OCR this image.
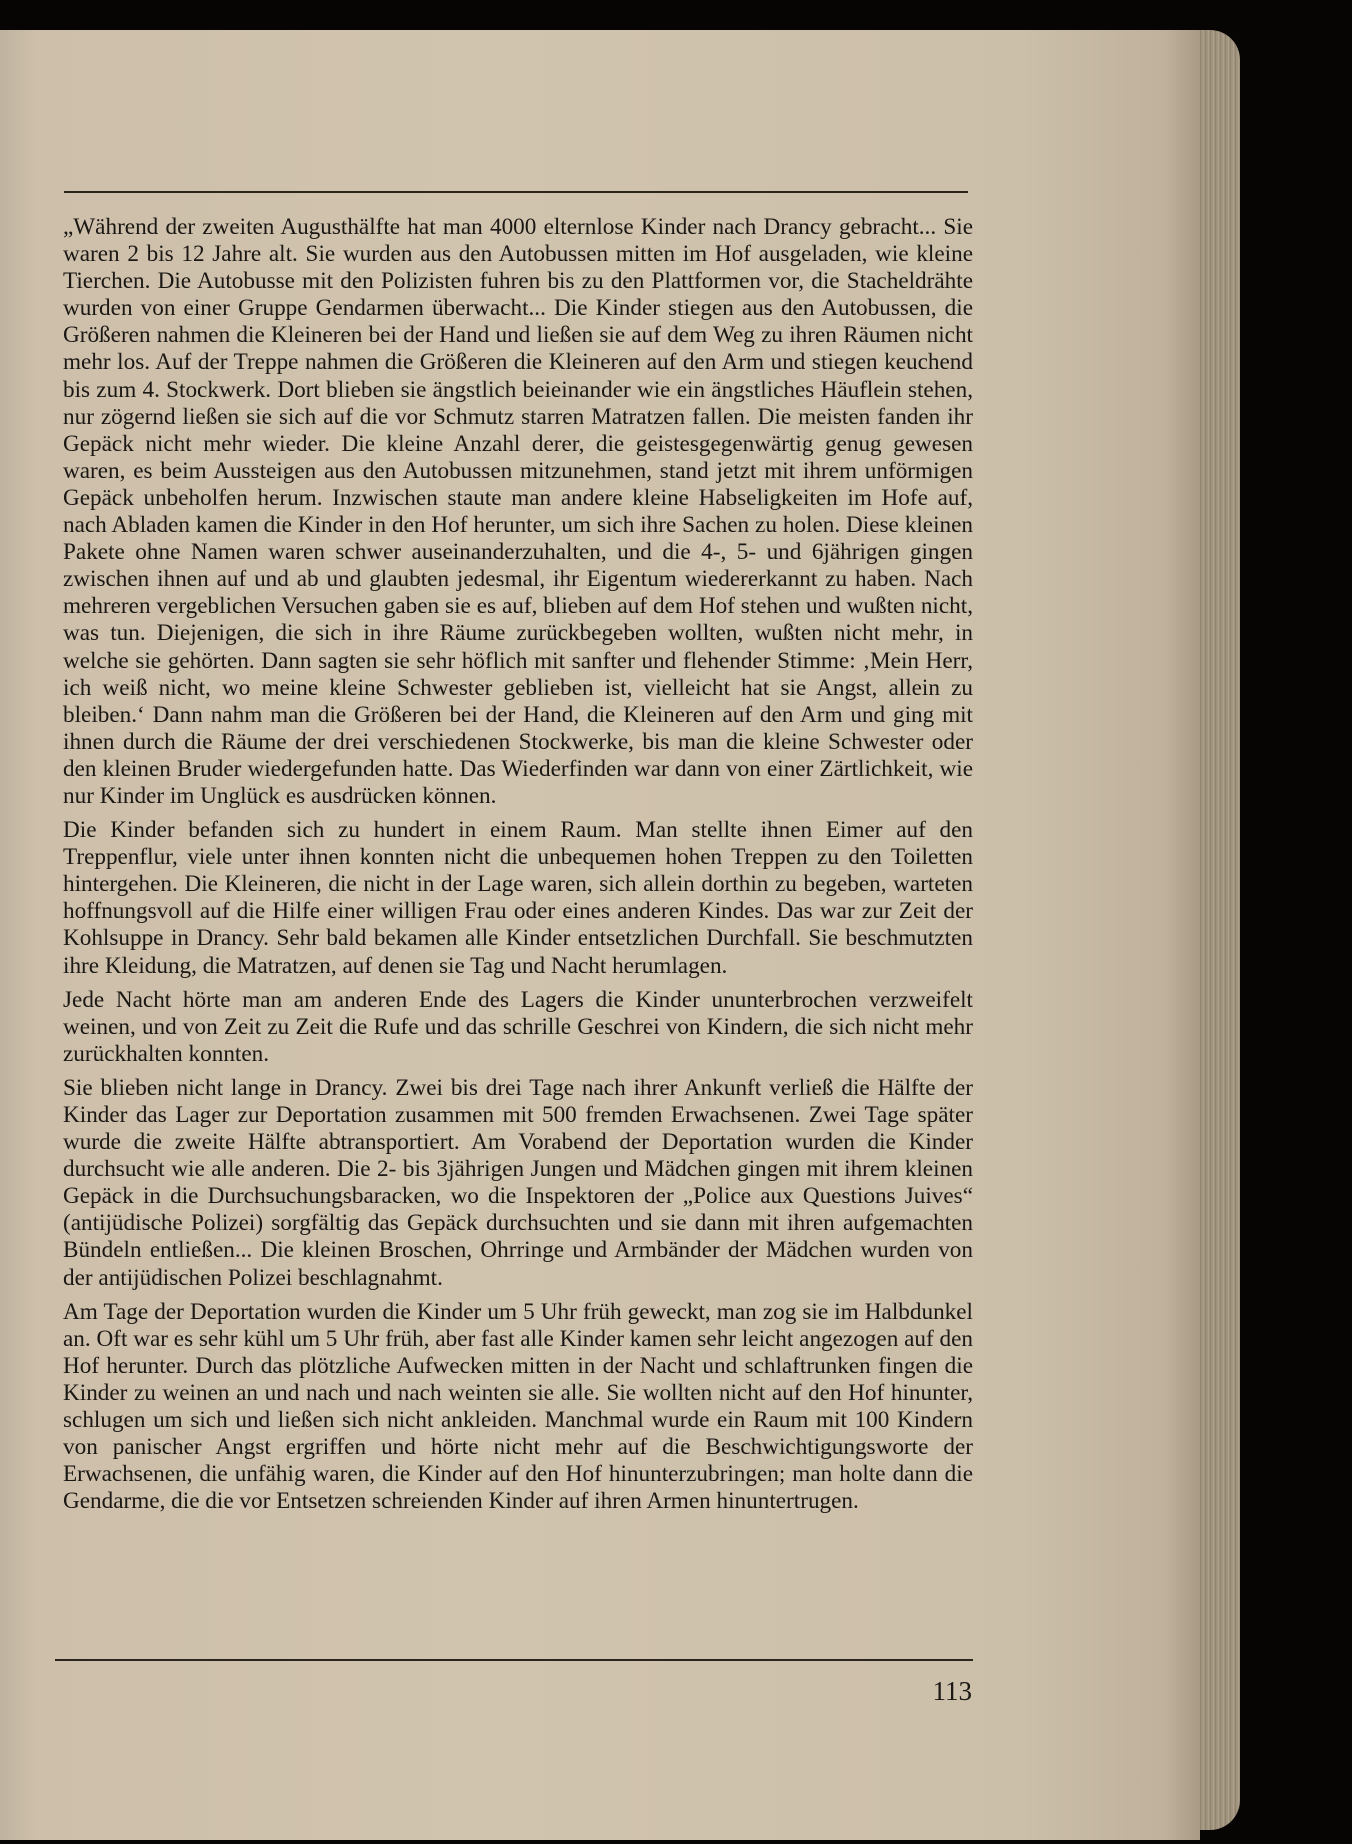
„Während der zweiten Augusthälfte hat man 4000 elternlose Kinder nach Drancy gebracht... Sie waren 2 bis 12 Jahre alt. Sie wurden aus den Autobussen mitten im Hof ausgeladen, wie kleine Tierchen. Die Autobusse mit den Polizisten fuhren bis zu den Plattformen vor, die Stacheldrähte wurden von einer Gruppe Gendarmen überwacht... Die Kinder stiegen aus den Autobussen, die Größeren nahmen die Kleineren bei der Hand und ließen sie auf dem Weg zu ihren Räumen nicht mehr los. Auf der Treppe nahmen die Größeren die Kleineren auf den Arm und stiegen keuchend bis zum 4. Stockwerk. Dort blieben sie ängstlich beieinander wie ein ängstliches Häuflein stehen, nur zögernd ließen sie sich auf die vor Schmutz starren Matratzen fallen. Die meisten fanden ihr Gepäck nicht mehr wieder. Die kleine Anzahl derer, die geistesgegenwärtig genug gewesen waren, es beim Aussteigen aus den Autobussen mitzunehmen, stand jetzt mit ihrem unförmigen Gepäck unbeholfen herum. Inzwischen staute man andere kleine Habseligkeiten im Hofe auf, nach Abladen kamen die Kinder in den Hof herunter, um sich ihre Sachen zu holen. Diese kleinen Pakete ohne Namen waren schwer auseinanderzuhalten, und die 4-, 5- und 6jährigen gingen zwischen ihnen auf und ab und glaubten jedesmal, ihr Eigentum wiedererkannt zu haben. Nach mehreren vergeblichen Versuchen gaben sie es auf, blieben auf dem Hof stehen und wußten nicht, was tun. Diejenigen, die sich in ihre Räume zurückbegeben wollten, wußten nicht mehr, in welche sie gehörten. Dann sagten sie sehr höflich mit sanfter und flehender Stimme: ‚Mein Herr, ich weiß nicht, wo meine kleine Schwester geblieben ist, vielleicht hat sie Angst, allein zu bleiben.‘ Dann nahm man die Größeren bei der Hand, die Kleineren auf den Arm und ging mit ihnen durch die Räume der drei verschiedenen Stockwerke, bis man die kleine Schwester oder den kleinen Bruder wiedergefunden hatte. Das Wiederfinden war dann von einer Zärtlichkeit, wie nur Kinder im Unglück es ausdrücken können.

Die Kinder befanden sich zu hundert in einem Raum. Man stellte ihnen Eimer auf den Treppenflur, viele unter ihnen konnten nicht die unbequemen hohen Treppen zu den Toiletten hintergehen. Die Kleineren, die nicht in der Lage waren, sich allein dorthin zu begeben, warteten hoffnungsvoll auf die Hilfe einer willigen Frau oder eines anderen Kindes. Das war zur Zeit der Kohlsuppe in Drancy. Sehr bald bekamen alle Kinder entsetzlichen Durchfall. Sie beschmutzten ihre Kleidung, die Matratzen, auf denen sie Tag und Nacht herumlagen.

Jede Nacht hörte man am anderen Ende des Lagers die Kinder ununterbrochen verzweifelt weinen, und von Zeit zu Zeit die Rufe und das schrille Geschrei von Kindern, die sich nicht mehr zurückhalten konnten.

Sie blieben nicht lange in Drancy. Zwei bis drei Tage nach ihrer Ankunft verließ die Hälfte der Kinder das Lager zur Deportation zusammen mit 500 fremden Erwachsenen. Zwei Tage später wurde die zweite Hälfte abtransportiert. Am Vorabend der Deportation wurden die Kinder durchsucht wie alle anderen. Die 2- bis 3jährigen Jungen und Mädchen gingen mit ihrem kleinen Gepäck in die Durchsuchungsbaracken, wo die Inspektoren der „Police aux Questions Juives“ (antijüdische Polizei) sorgfältig das Gepäck durchsuchten und sie dann mit ihren aufgemachten Bündeln entließen... Die kleinen Broschen, Ohrringe und Armbänder der Mädchen wurden von der antijüdischen Polizei beschlagnahmt.

Am Tage der Deportation wurden die Kinder um 5 Uhr früh geweckt, man zog sie im Halbdunkel an. Oft war es sehr kühl um 5 Uhr früh, aber fast alle Kinder kamen sehr leicht angezogen auf den Hof herunter. Durch das plötzliche Aufwecken mitten in der Nacht und schlaftrunken fingen die Kinder zu weinen an und nach und nach weinten sie alle. Sie wollten nicht auf den Hof hinunter, schlugen um sich und ließen sich nicht ankleiden. Manchmal wurde ein Raum mit 100 Kindern von panischer Angst ergriffen und hörte nicht mehr auf die Beschwichtigungsworte der Erwachsenen, die unfähig waren, die Kinder auf den Hof hinunterzubringen; man holte dann die Gendarme, die die vor Entsetzen schreienden Kinder auf ihren Armen hinuntertrugen.

113
